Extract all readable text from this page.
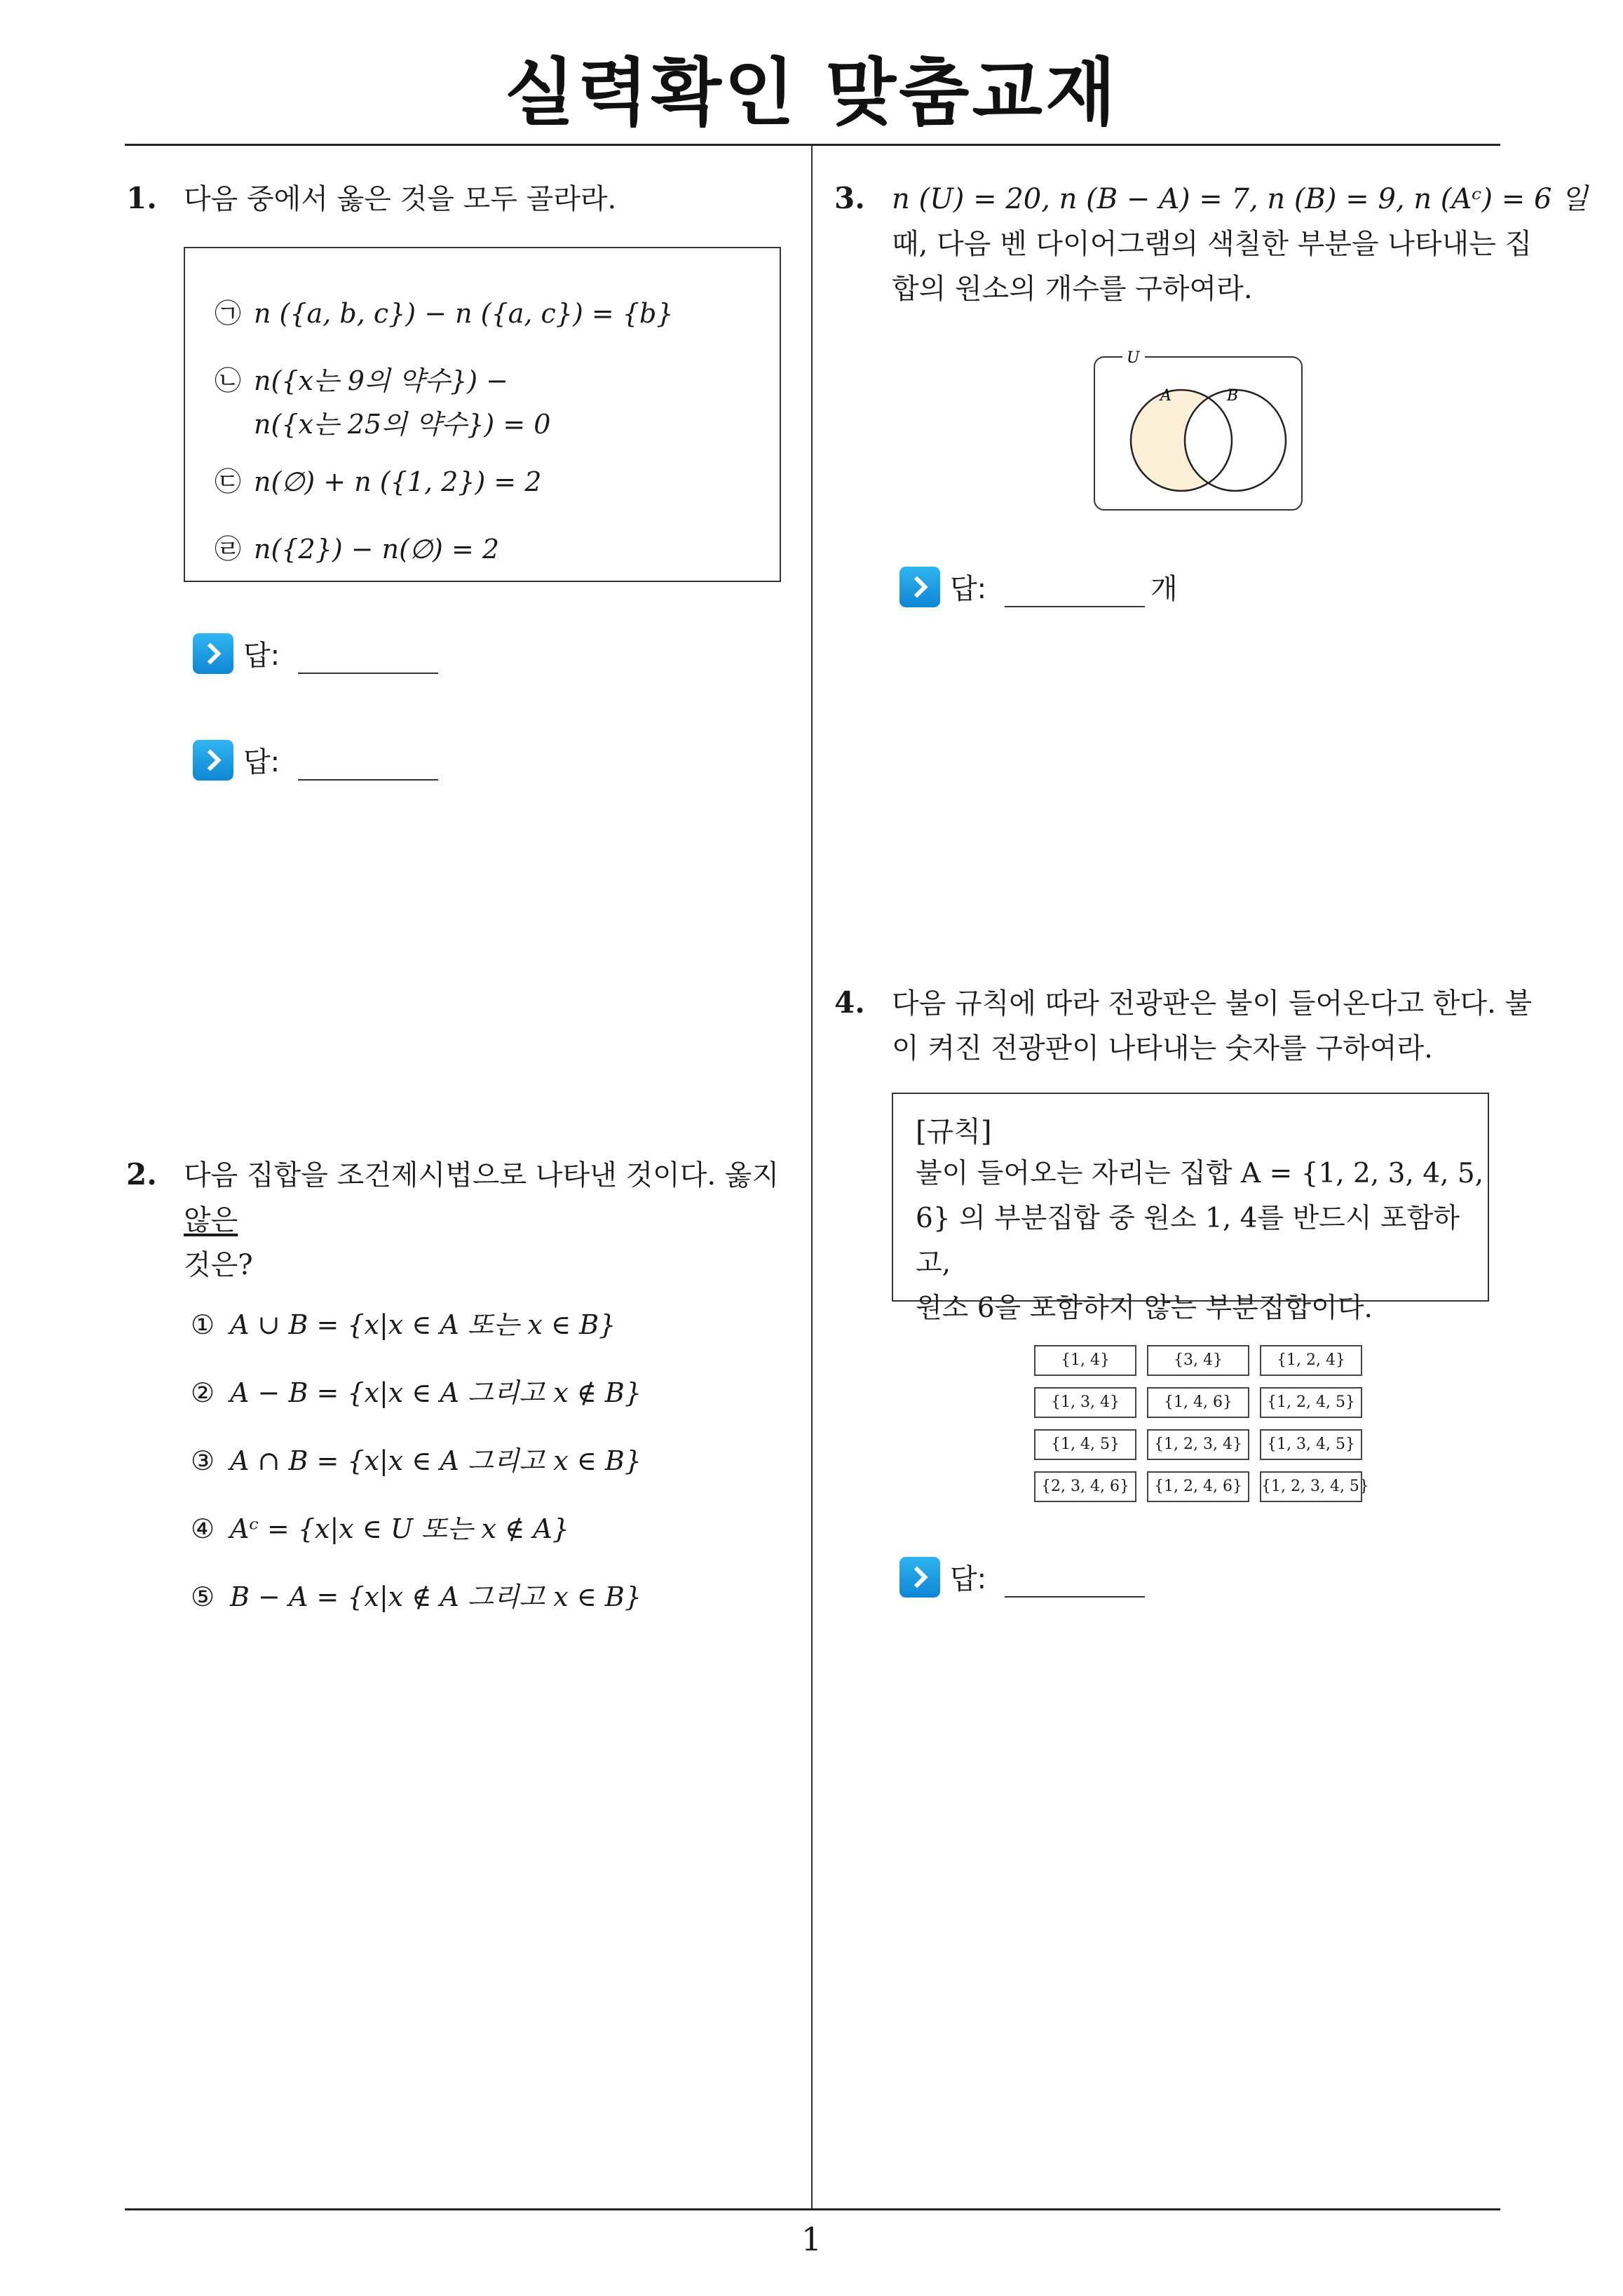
실력확인 맞춤교재
1. 다음 중에서 옳은 것을 모두 골라라.
㉠ n ({a, b, c}) − n ({a, c}) = {b}
㉡ n({x는 9의 약수}) −
n({x는 25의 약수}) = 0
㉢ n(∅) + n ({1, 2}) = 2
㉣ n({2}) − n(∅) = 2
답:
답:
2. 다음 집합을 조건제시법으로 나타낸 것이다. 옳지 않은
것은?
① A ∪ B = {x|x ∈ A 또는 x ∈ B}
② A − B = {x|x ∈ A 그리고 x ∉ B}
③ A ∩ B = {x|x ∈ A 그리고 x ∈ B}
④ Aᶜ = {x|x ∈ U 또는 x ∉ A}
⑤ B − A = {x|x ∉ A 그리고 x ∈ B}
3. n (U) = 20, n (B − A) = 7, n (B) = 9, n (Aᶜ) = 6 일
때, 다음 벤 다이어그램의 색칠한 부분을 나타내는 집
합의 원소의 개수를 구하여라.
U
A	B
답:	개
4. 다음 규칙에 따라 전광판은 불이 들어온다고 한다. 불
이 켜진 전광판이 나타내는 숫자를 구하여라.
[규칙]
불이 들어오는 자리는 집합 A = {1, 2, 3, 4, 5,
6} 의 부분집합 중 원소 1, 4를 반드시 포함하고,
원소 6을 포함하지 않는 부분집합이다.
{1, 4}	{3, 4}	{1, 2, 4}
{1, 3, 4}	{1, 4, 6}	{1, 2, 4, 5}
{1, 4, 5}	{1, 2, 3, 4}	{1, 3, 4, 5}
{2, 3, 4, 6}	{1, 2, 4, 6}	{1, 2, 3, 4, 5}
답:
1
